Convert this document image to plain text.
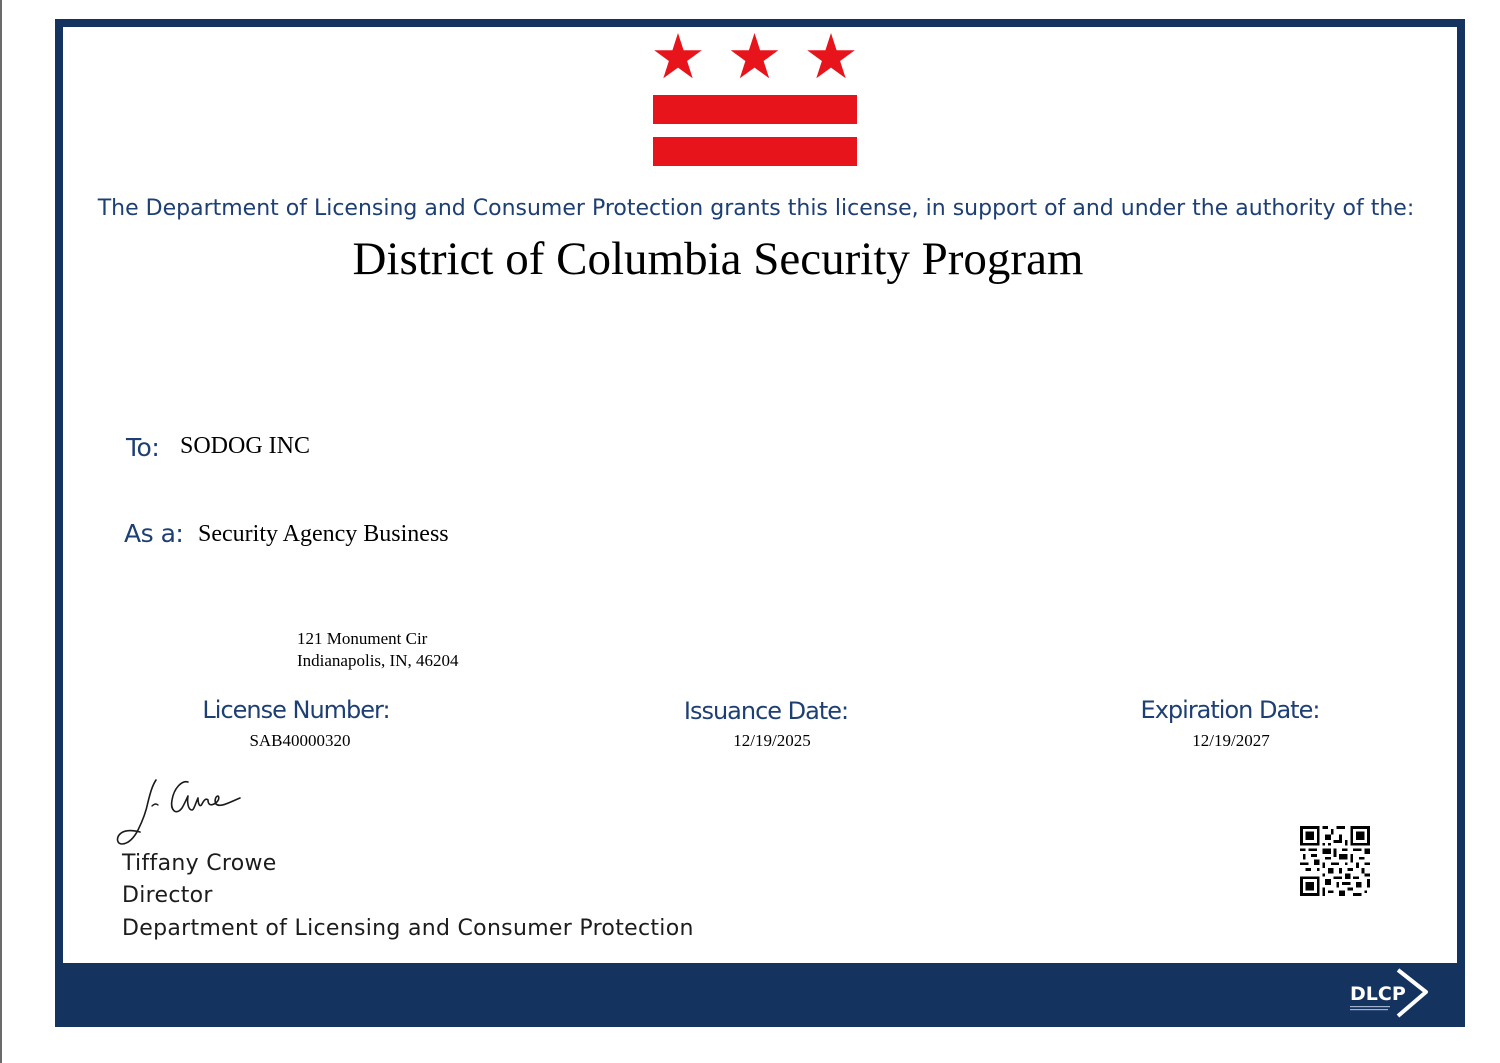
The Department of Licensing and Consumer Protection grants this license, in support of and under the authority of the:
District of Columbia Security Program
To: SODOG INC
As a: Security Agency Business
121 Monument Cir
Indianapolis, IN, 46204
License Number:
SAB40000320
Issuance Date:
12/19/2025
Expiration Date:
12/19/2027
Tiffany Crowe
Director
Department of Licensing and Consumer Protection
DLCP
